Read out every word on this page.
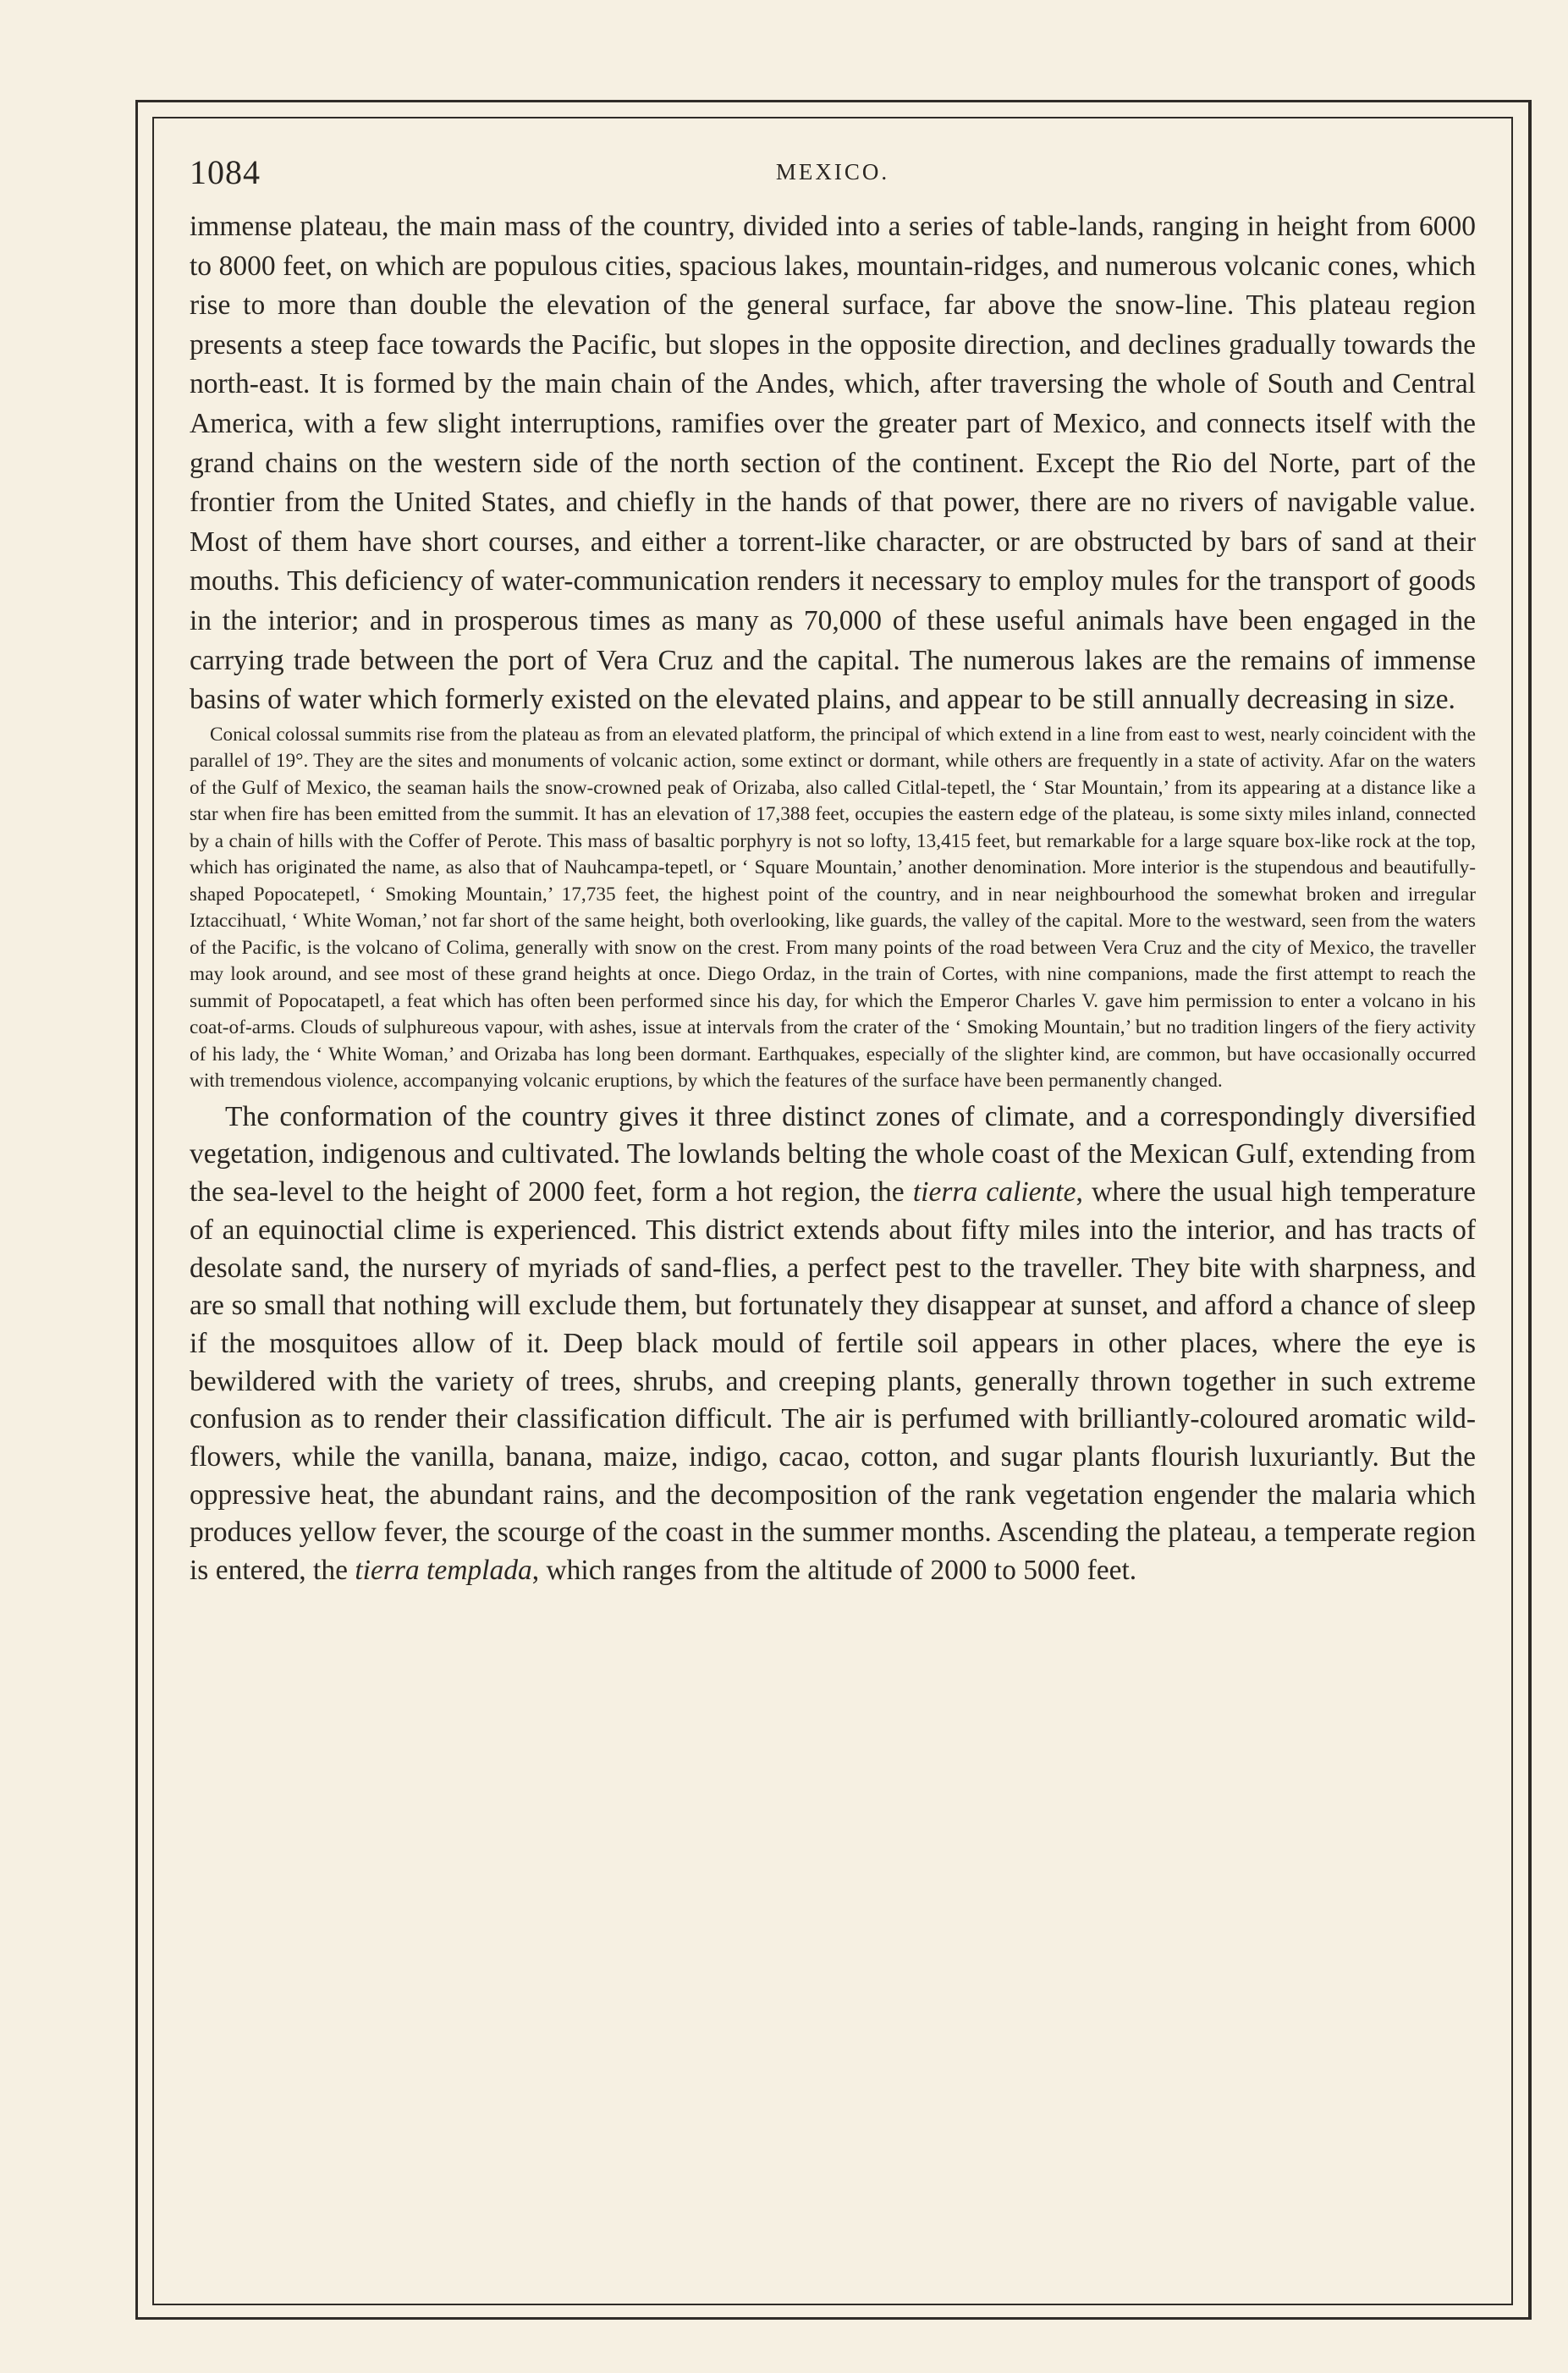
1084	MEXICO.

immense plateau, the main mass of the country, divided into a series of table-lands, ranging in height from 6000 to 8000 feet, on which are populous cities, spacious lakes, mountain-ridges, and numerous volcanic cones, which rise to more than double the elevation of the general surface, far above the snow-line. This plateau region presents a steep face towards the Pacific, but slopes in the opposite direction, and declines gradually towards the north-east. It is formed by the main chain of the Andes, which, after traversing the whole of South and Central America, with a few slight interruptions, ramifies over the greater part of Mexico, and connects itself with the grand chains on the western side of the north section of the continent. Except the Rio del Norte, part of the frontier from the United States, and chiefly in the hands of that power, there are no rivers of navigable value. Most of them have short courses, and either a torrent-like character, or are obstructed by bars of sand at their mouths. This deficiency of water-communication renders it necessary to employ mules for the transport of goods in the interior; and in prosperous times as many as 70,000 of these useful animals have been engaged in the carrying trade between the port of Vera Cruz and the capital. The numerous lakes are the remains of immense basins of water which formerly existed on the elevated plains, and appear to be still annually decreasing in size.

Conical colossal summits rise from the plateau as from an elevated platform, the principal of which extend in a line from east to west, nearly coincident with the parallel of 19°. They are the sites and monuments of volcanic action, some extinct or dormant, while others are frequently in a state of activity. Afar on the waters of the Gulf of Mexico, the seaman hails the snow-crowned peak of Orizaba, also called Citlal-tepetl, the ‘ Star Mountain,’ from its appearing at a distance like a star when fire has been emitted from the summit. It has an elevation of 17,388 feet, occupies the eastern edge of the plateau, is some sixty miles inland, connected by a chain of hills with the Coffer of Perote. This mass of basaltic porphyry is not so lofty, 13,415 feet, but remarkable for a large square box-like rock at the top, which has originated the name, as also that of Nauhcampa-tepetl, or ‘ Square Mountain,’ another denomination. More interior is the stupendous and beautifully-shaped Popocatepetl, ‘ Smoking Mountain,’ 17,735 feet, the highest point of the country, and in near neighbourhood the somewhat broken and irregular Iztaccihuatl, ‘ White Woman,’ not far short of the same height, both overlooking, like guards, the valley of the capital. More to the westward, seen from the waters of the Pacific, is the volcano of Colima, generally with snow on the crest. From many points of the road between Vera Cruz and the city of Mexico, the traveller may look around, and see most of these grand heights at once. Diego Ordaz, in the train of Cortes, with nine companions, made the first attempt to reach the summit of Popocatapetl, a feat which has often been performed since his day, for which the Emperor Charles V. gave him permission to enter a volcano in his coat-of-arms. Clouds of sulphureous vapour, with ashes, issue at intervals from the crater of the ‘ Smoking Mountain,’ but no tradition lingers of the fiery activity of his lady, the ‘ White Woman,’ and Orizaba has long been dormant. Earthquakes, especially of the slighter kind, are common, but have occasionally occurred with tremendous violence, accompanying volcanic eruptions, by which the features of the surface have been permanently changed.

The conformation of the country gives it three distinct zones of climate, and a correspondingly diversified vegetation, indigenous and cultivated. The lowlands belting the whole coast of the Mexican Gulf, extending from the sea-level to the height of 2000 feet, form a hot region, the tierra caliente, where the usual high temperature of an equinoctial clime is experienced. This district extends about fifty miles into the interior, and has tracts of desolate sand, the nursery of myriads of sand-flies, a perfect pest to the traveller. They bite with sharpness, and are so small that nothing will exclude them, but fortunately they disappear at sunset, and afford a chance of sleep if the mosquitoes allow of it. Deep black mould of fertile soil appears in other places, where the eye is bewildered with the variety of trees, shrubs, and creeping plants, generally thrown together in such extreme confusion as to render their classification difficult. The air is perfumed with brilliantly-coloured aromatic wild-flowers, while the vanilla, banana, maize, indigo, cacao, cotton, and sugar plants flourish luxuriantly. But the oppressive heat, the abundant rains, and the decomposition of the rank vegetation engender the malaria which produces yellow fever, the scourge of the coast in the summer months. Ascending the plateau, a temperate region is entered, the tierra templada, which ranges from the altitude of 2000 to 5000 feet.
